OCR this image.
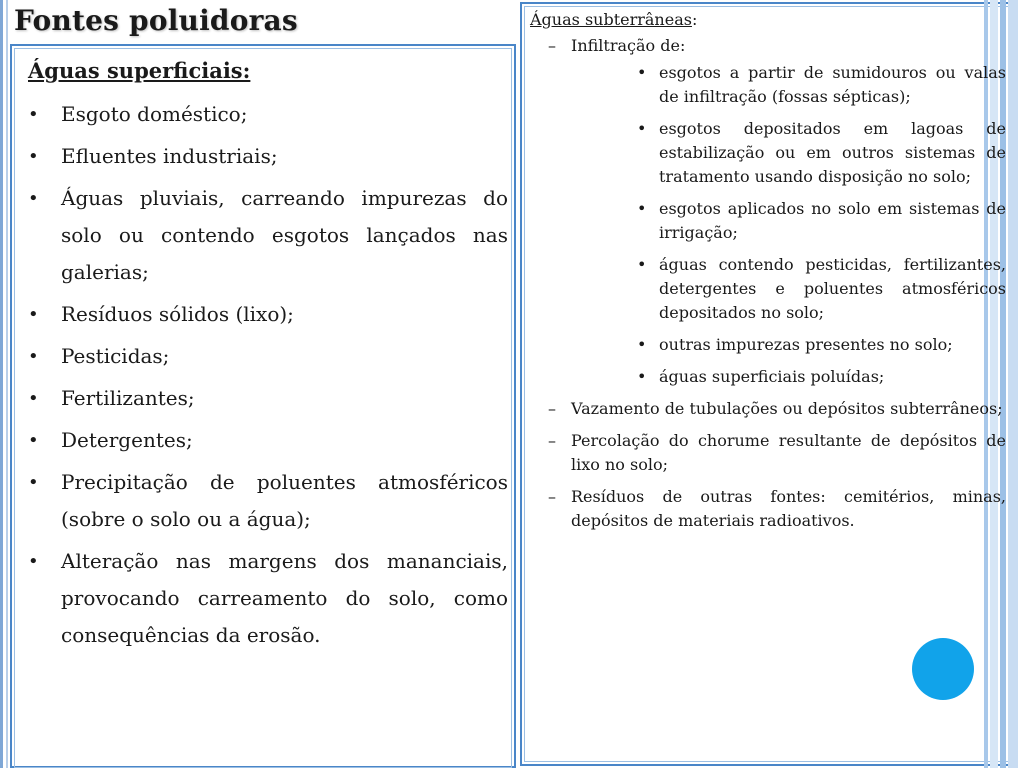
Fontes poluidoras
Águas superficiais:
• Esgoto doméstico;
• Efluentes industriais;
• Águas pluviais, carreando impurezas do solo ou contendo esgotos lançados nas galerias;
• Resíduos sólidos (lixo);
• Pesticidas;
• Fertilizantes;
• Detergentes;
• Precipitação de poluentes atmosféricos (sobre o solo ou a água);
• Alteração nas margens dos mananciais, provocando carreamento do solo, como consequências da erosão.

Águas subterrâneas:

– Infiltração de:
• esgotos a partir de sumidouros ou valas de infiltração (fossas sépticas);
• esgotos depositados em lagoas de estabilização ou em outros sistemas de tratamento usando disposição no solo;
• esgotos aplicados no solo em sistemas de irrigação;
• águas contendo pesticidas, fertilizantes, detergentes e poluentes atmosféricos depositados no solo;
• outras impurezas presentes no solo;
• águas superficiais poluídas;
– Vazamento de tubulações ou depósitos subterrâneos;
– Percolação do chorume resultante de depósitos de lixo no solo;
– Resíduos de outras fontes: cemitérios, minas, depósitos de materiais radioativos.
